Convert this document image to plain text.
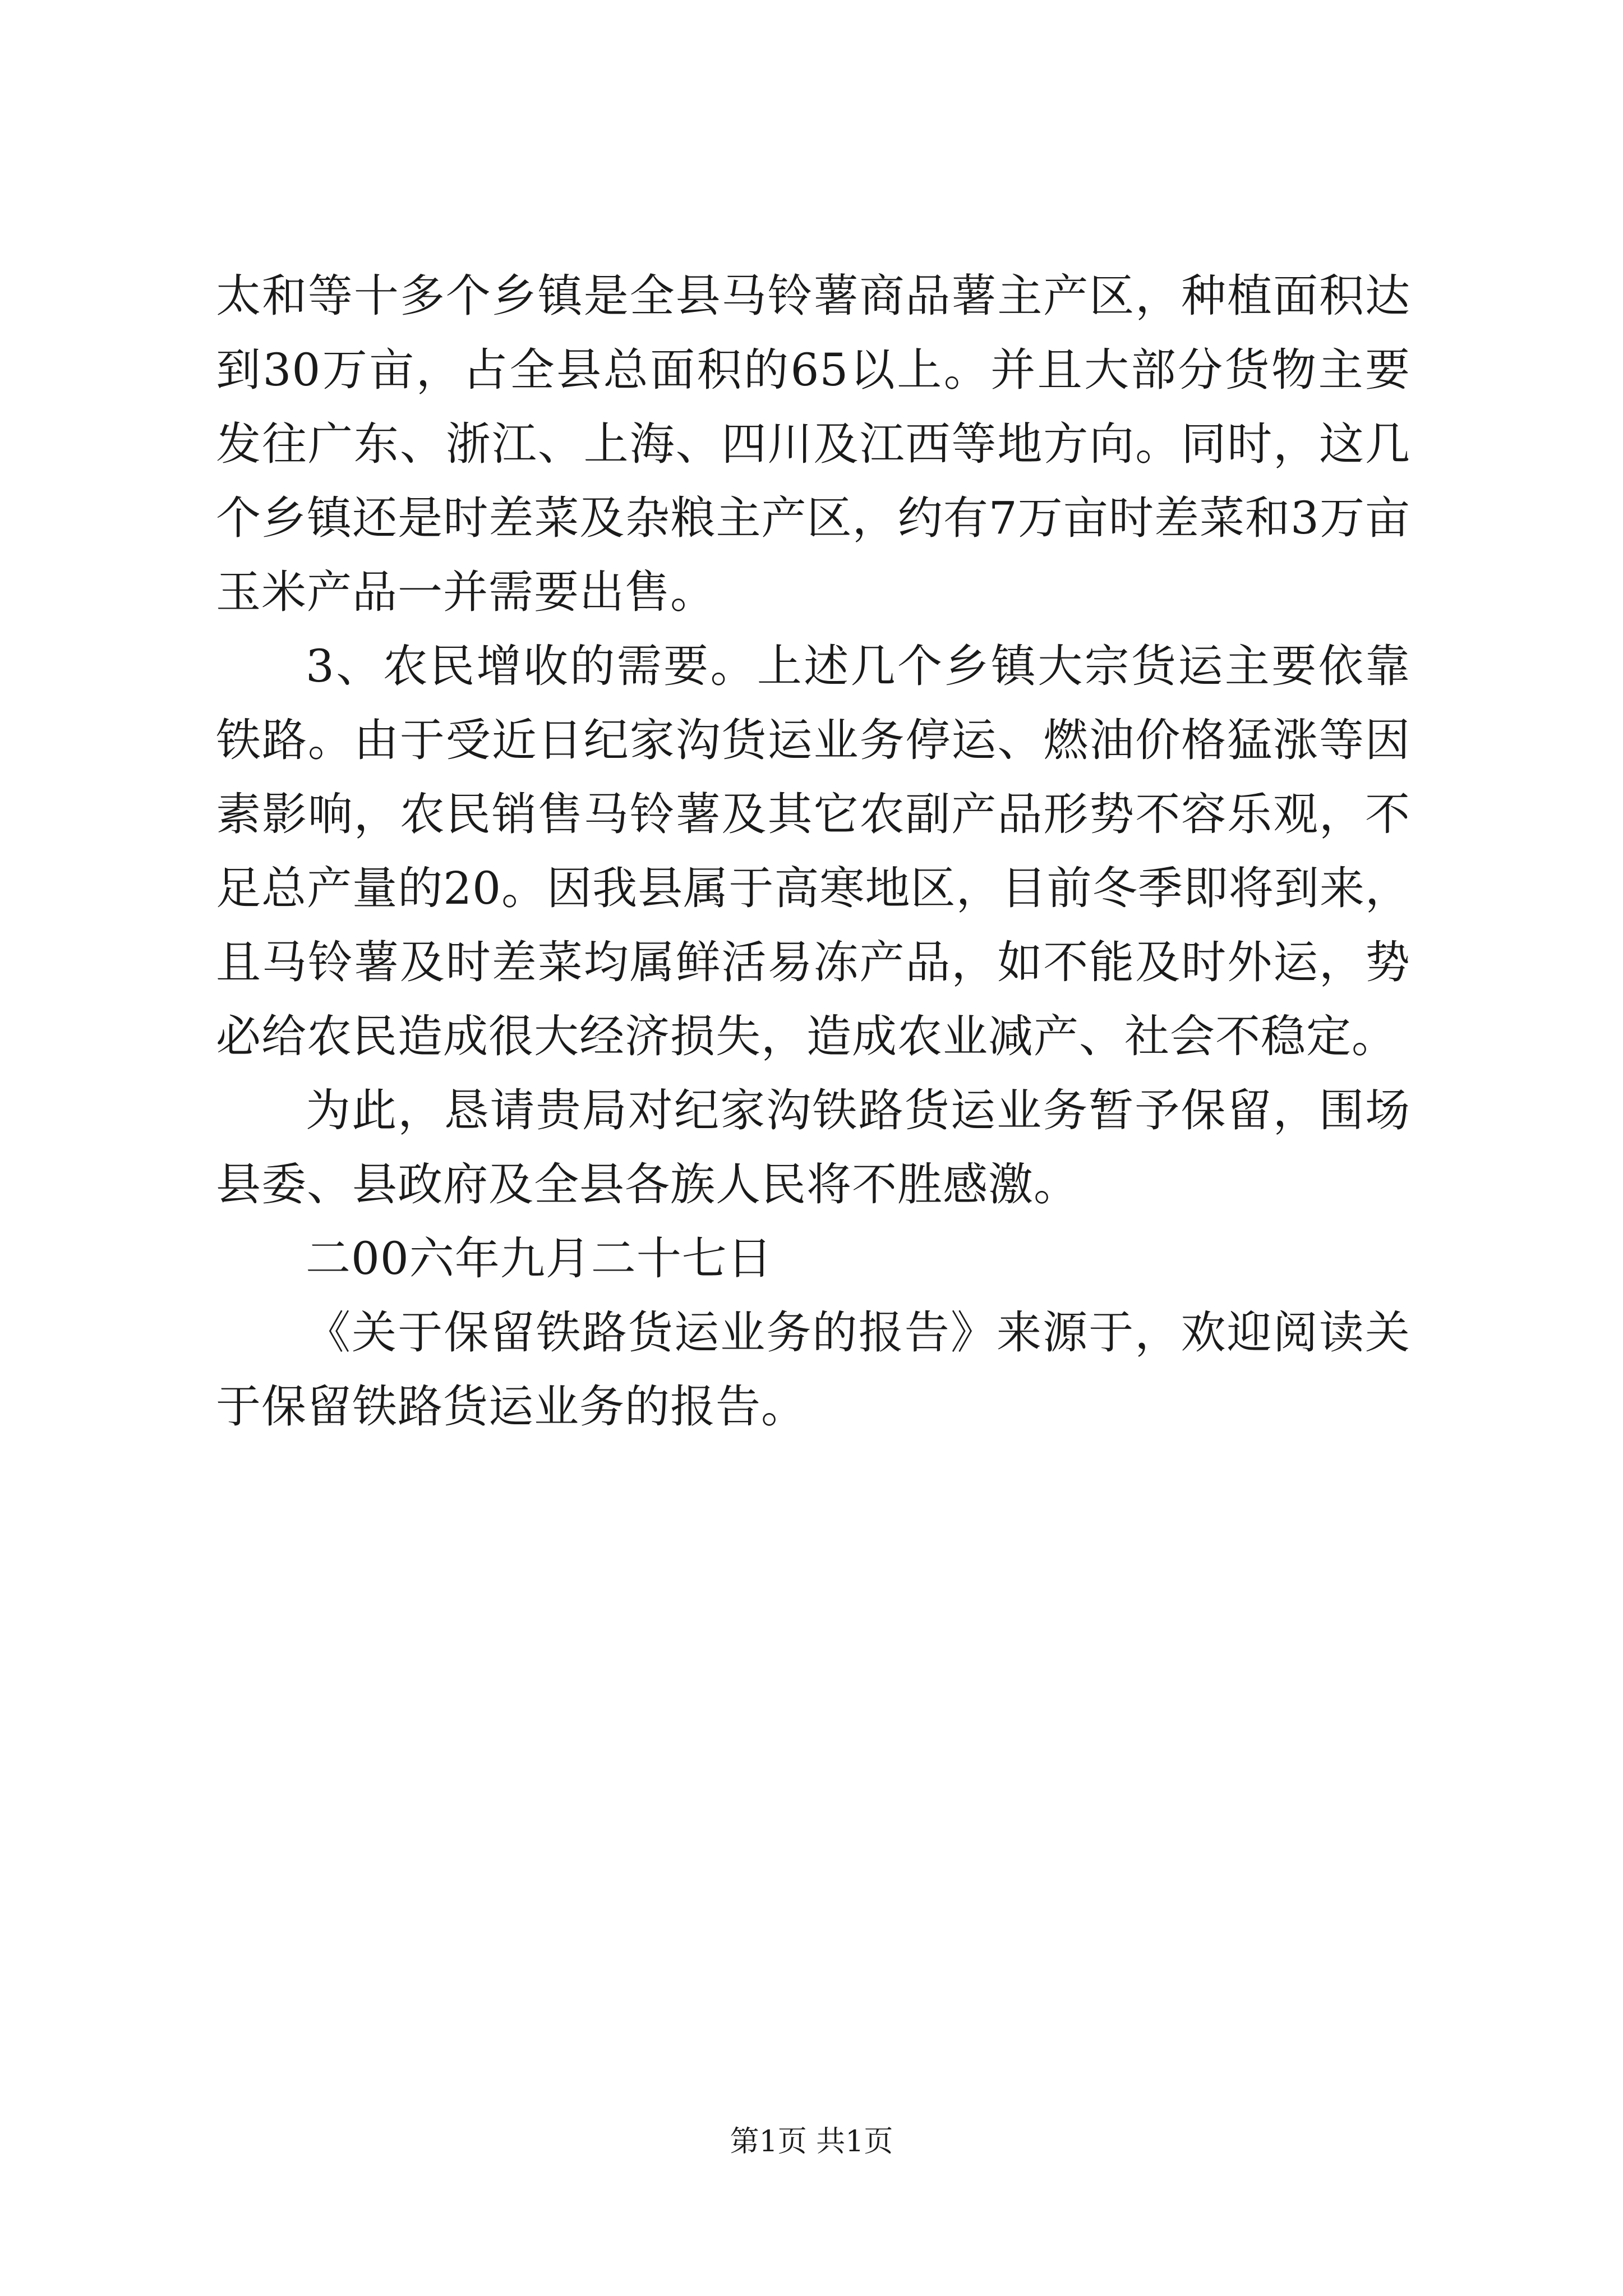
太和等十多个乡镇是全县马铃薯商品薯主产区，种植面积达到30万亩，占全县总面积的65以上。并且大部分货物主要发往广东、浙江、上海、四川及江西等地方向。同时，这几个乡镇还是时差菜及杂粮主产区，约有7万亩时差菜和3万亩玉米产品一并需要出售。

3、农民增收的需要。上述几个乡镇大宗货运主要依靠铁路。由于受近日纪家沟货运业务停运、燃油价格猛涨等因素影响，农民销售马铃薯及其它农副产品形势不容乐观，不足总产量的20。因我县属于高寒地区，目前冬季即将到来，且马铃薯及时差菜均属鲜活易冻产品，如不能及时外运，势必给农民造成很大经济损失，造成农业减产、社会不稳定。

为此，恳请贵局对纪家沟铁路货运业务暂予保留，围场县委、县政府及全县各族人民将不胜感激。

二00六年九月二十七日

《关于保留铁路货运业务的报告》来源于，欢迎阅读关于保留铁路货运业务的报告。

第1页 共1页
